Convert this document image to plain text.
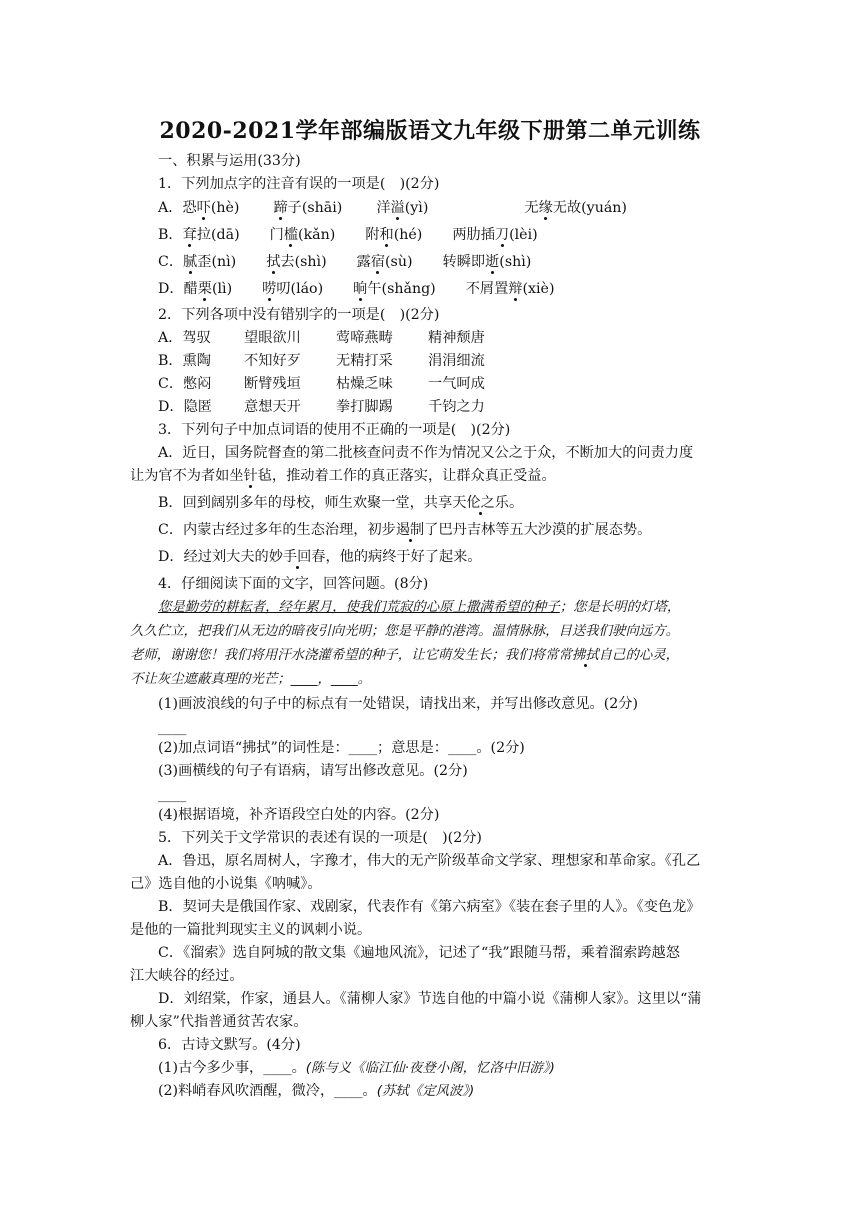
2020-2021学年部编版语文九年级下册第二单元训练
一、积累与运用(33分)
1．下列加点字的注音有误的一项是(　)(2分)
A．恐吓(hè) 蹄子(shāi) 洋溢(yì)	无缘无故(yuán)
B．耷拉(dā) 门槛(kǎn) 附和(hé) 两肋插刀(lèi)
C．腻歪(nì) 拭去(shì) 露宿(sù) 转瞬即逝(shì)
D．醋栗(lì) 唠叨(láo) 晌午(shǎng) 不屑置辩(xiè)
2．下列各项中没有错别字的一项是(　)(2分)
A．驾驭 望眼欲川 莺啼燕畴 精神颓唐
B．熏陶 不知好歹 无精打采 涓涓细流
C．憋闷 断臂残垣 枯燥乏味 一气呵成
D．隐匿 意想天开 拳打脚踢 千钧之力
3．下列句子中加点词语的使用不正确的一项是(　)(2分)
A．近日，国务院督查的第二批核查问责不作为情况又公之于众，不断加大的问责力度
让为官不为者如坐针毡，推动着工作的真正落实，让群众真正受益。
B．回到阔别多年的母校，师生欢聚一堂，共享天伦之乐。
C．内蒙古经过多年的生态治理，初步遏制了巴丹吉林等五大沙漠的扩展态势。
D．经过刘大夫的妙手回春，他的病终于好了起来。
4．仔细阅读下面的文字，回答问题。(8分)
您是勤劳的耕耘者，经年累月，使我们荒寂的心原上撒满希望的种子；您是长明的灯塔，
久久伫立，把我们从无边的暗夜引向光明；您是平静的港湾。温情脉脉，目送我们驶向远方。
老师，谢谢您！我们将用汗水浇灌希望的种子，让它萌发生长；我们将常常拂拭自己的心灵，
不让灰尘遮蔽真理的光芒；____，____。
(1)画波浪线的句子中的标点有一处错误，请找出来，并写出修改意见。(2分)
____
(2)加点词语“拂拭”的词性是：____；意思是：____。(2分)
(3)画横线的句子有语病，请写出修改意见。(2分)
____
(4)根据语境，补齐语段空白处的内容。(2分)
5．下列关于文学常识的表述有误的一项是(　)(2分)
A．鲁迅，原名周树人，字豫才，伟大的无产阶级革命文学家、理想家和革命家。《孔乙
己》选自他的小说集《呐喊》。
B．契诃夫是俄国作家、戏剧家，代表作有《第六病室》《装在套子里的人》。《变色龙》
是他的一篇批判现实主义的讽刺小说。
C．《溜索》选自阿城的散文集《遍地风流》，记述了“我”跟随马帮，乘着溜索跨越怒
江大峡谷的经过。
D．刘绍棠，作家，通县人。《蒲柳人家》节选自他的中篇小说《蒲柳人家》。这里以“蒲
柳人家”代指普通贫苦农家。
6．古诗文默写。(4分)
(1)古今多少事，____。(陈与义《临江仙·夜登小阁，忆洛中旧游》)
(2)料峭春风吹酒醒，微冷，____。(苏轼《定风波》)
